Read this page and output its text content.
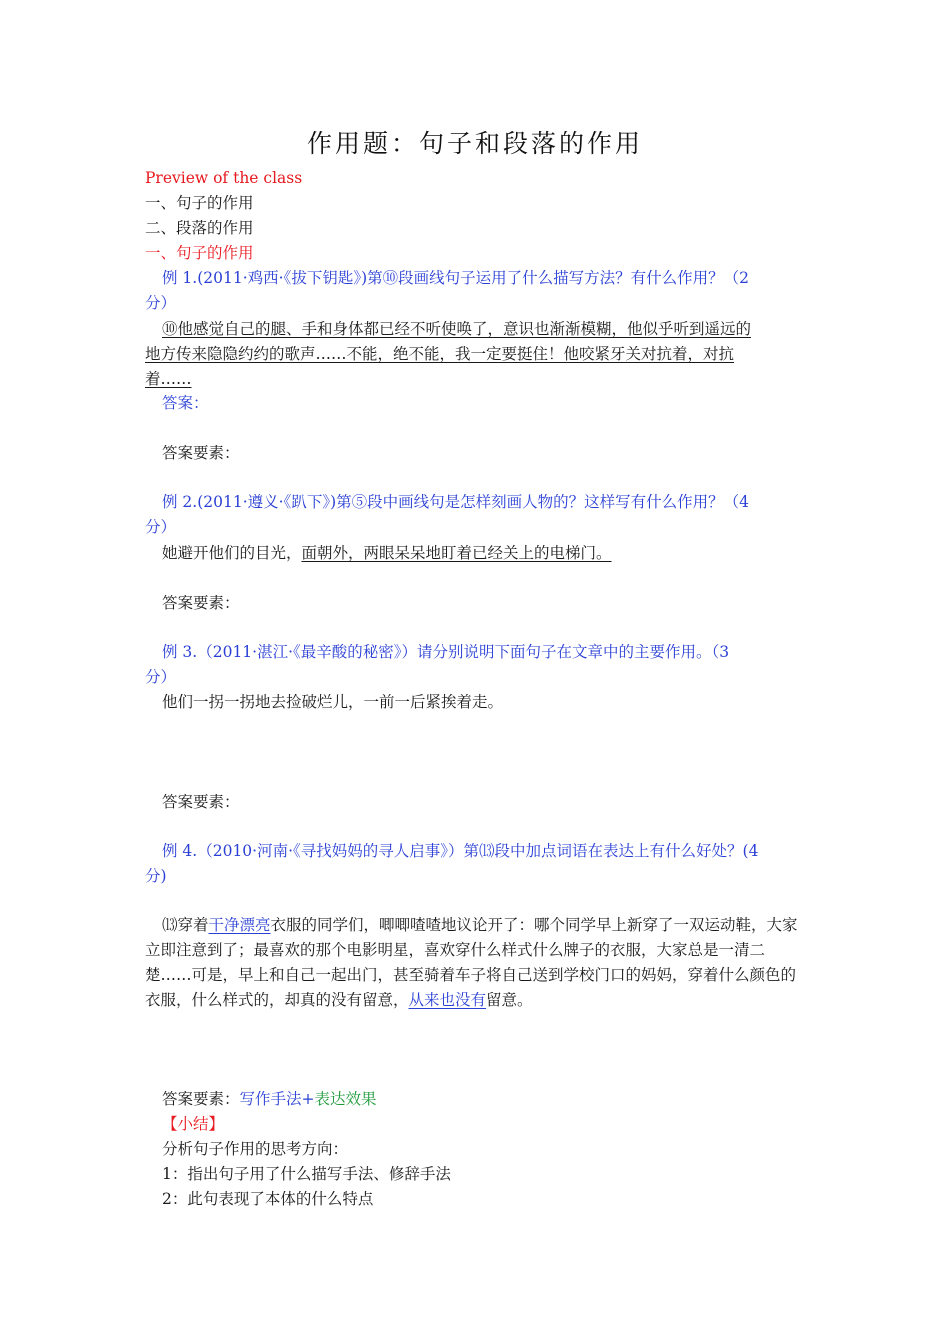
作用题：句子和段落的作用
Preview of the class
一、句子的作用
二、段落的作用
一、句子的作用
例 1.(2011·鸡西·《拔下钥匙》)第⑩段画线句子运用了什么描写方法？有什么作用？（2
分）
⑩他感觉自己的腿、手和身体都已经不听使唤了，意识也渐渐模糊，他似乎听到遥远的
地方传来隐隐约约的歌声……不能，绝不能，我一定要挺住！他咬紧牙关对抗着，对抗
着……
答案：
答案要素：
例 2.(2011·遵义·《趴下》)第⑤段中画线句是怎样刻画人物的？这样写有什么作用？（4
分）
她避开他们的目光，面朝外，两眼呆呆地盯着已经关上的电梯门。
答案要素：
例 3.（2011·湛江·《最辛酸的秘密》）请分别说明下面句子在文章中的主要作用。（3
分）
他们一拐一拐地去捡破烂儿，一前一后紧挨着走。
答案要素：
例 4.（2010·河南·《寻找妈妈的寻人启事》）第⒀段中加点词语在表达上有什么好处？(4
分)
⒀穿着干净漂亮衣服的同学们，唧唧喳喳地议论开了：哪个同学早上新穿了一双运动鞋，大家立即注意到了；最喜欢的那个电影明星，喜欢穿什么样式什么牌子的衣服，大家总是一清二楚……可是，早上和自己一起出门，甚至骑着车子将自己送到学校门口的妈妈，穿着什么颜色的衣服，什么样式的，却真的没有留意，从来也没有留意。
答案要素：写作手法+表达效果
【小结】
分析句子作用的思考方向：
1：指出句子用了什么描写手法、修辞手法
2：此句表现了本体的什么特点
